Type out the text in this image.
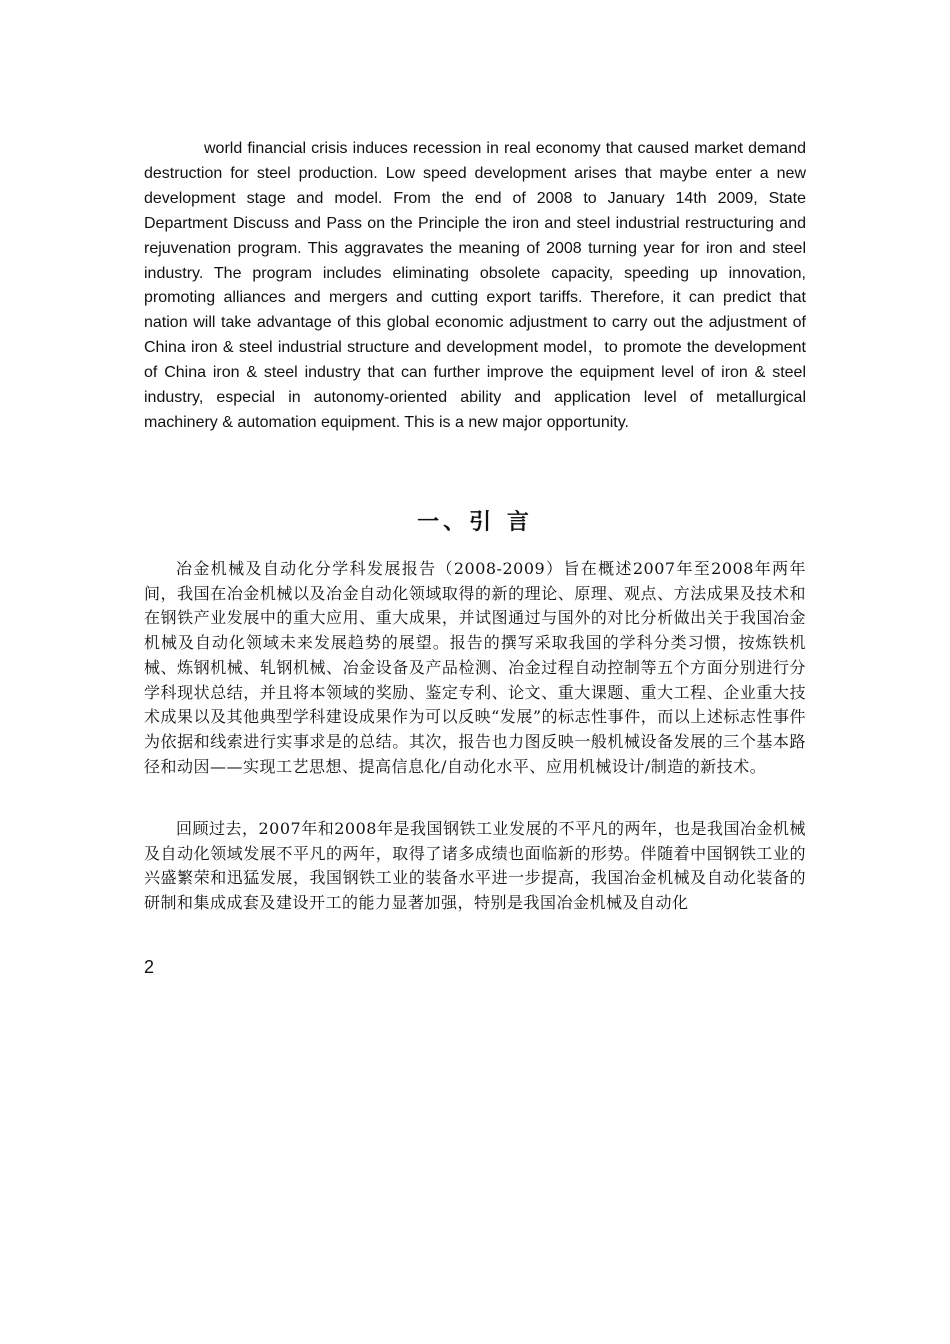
world financial crisis induces recession in real economy that caused market demand destruction for steel production. Low speed development arises that maybe enter a new development stage and model. From the end of 2008 to January 14th 2009, State Department Discuss and Pass on the Principle the iron and steel industrial restructuring and rejuvenation program. This aggravates the meaning of 2008 turning year for iron and steel industry. The program includes eliminating obsolete capacity, speeding up innovation, promoting alliances and mergers and cutting export tariffs. Therefore, it can predict that nation will take advantage of this global economic adjustment to carry out the adjustment of China iron & steel industrial structure and development model，to promote the development of China iron & steel industry that can further improve the equipment level of iron & steel industry, especial in autonomy-oriented ability and application level of metallurgical machinery & automation equipment. This is a new major opportunity.

一、引 言

冶金机械及自动化分学科发展报告（2008-2009）旨在概述2007年至2008年两年间，我国在冶金机械以及冶金自动化领域取得的新的理论、原理、观点、方法成果及技术和在钢铁产业发展中的重大应用、重大成果，并试图通过与国外的对比分析做出关于我国冶金机械及自动化领域未来发展趋势的展望。报告的撰写采取我国的学科分类习惯，按炼铁机械、炼钢机械、轧钢机械、冶金设备及产品检测、冶金过程自动控制等五个方面分别进行分学科现状总结，并且将本领域的奖励、鉴定专利、论文、重大课题、重大工程、企业重大技术成果以及其他典型学科建设成果作为可以反映“发展”的标志性事件，而以上述标志性事件为依据和线索进行实事求是的总结。其次，报告也力图反映一般机械设备发展的三个基本路径和动因——实现工艺思想、提高信息化/自动化水平、应用机械设计/制造的新技术。

回顾过去，2007年和2008年是我国钢铁工业发展的不平凡的两年，也是我国冶金机械及自动化领域发展不平凡的两年，取得了诸多成绩也面临新的形势。伴随着中国钢铁工业的兴盛繁荣和迅猛发展，我国钢铁工业的装备水平进一步提高，我国冶金机械及自动化装备的研制和集成成套及建设开工的能力显著加强，特别是我国冶金机械及自动化

2
